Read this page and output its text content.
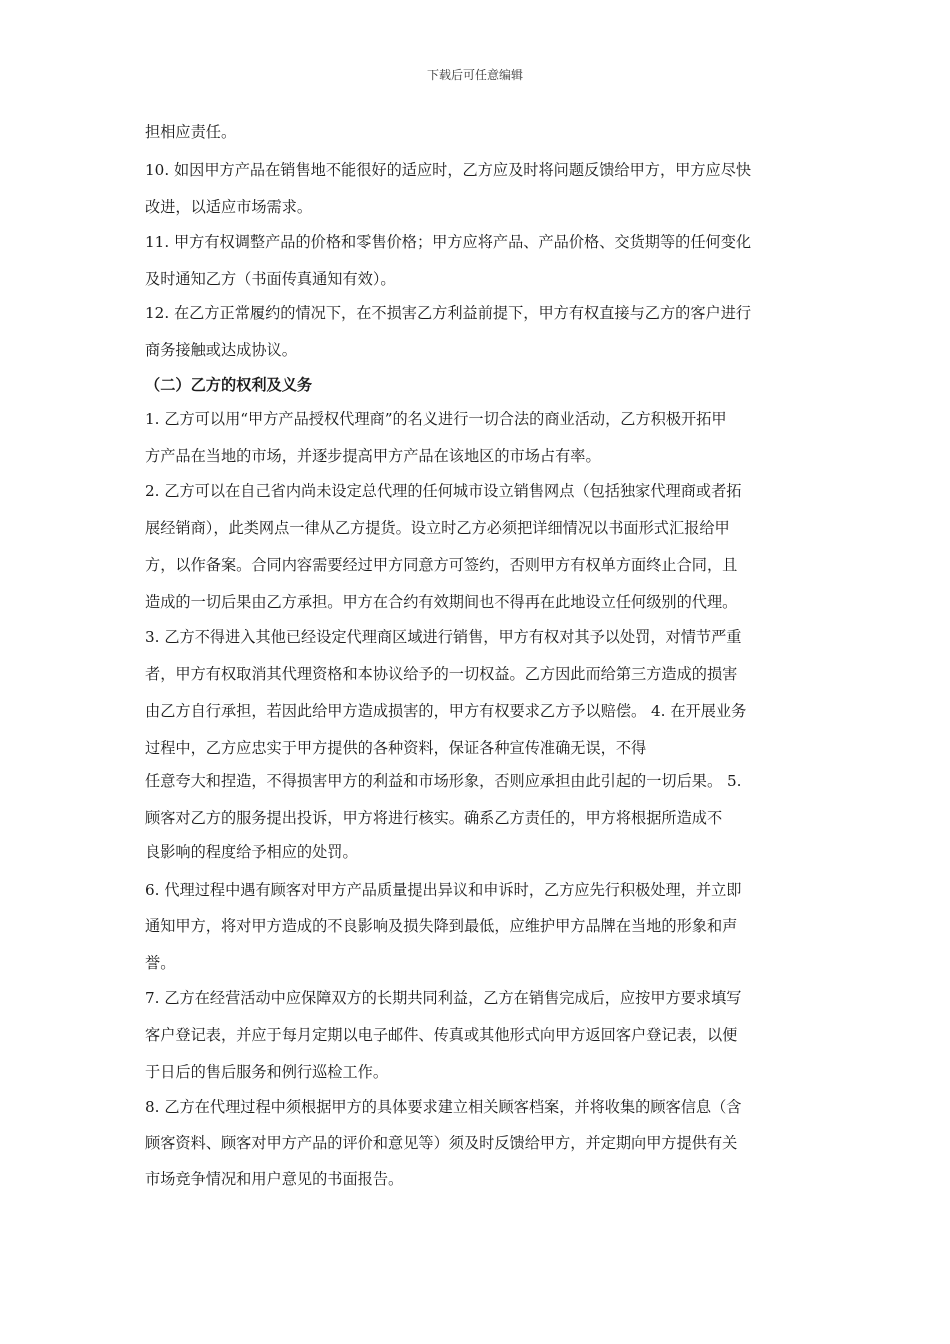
下载后可任意编辑
担相应责任。
10. 如因甲方产品在销售地不能很好的适应时，乙方应及时将问题反馈给甲方，甲方应尽快
改进，以适应市场需求。
11. 甲方有权调整产品的价格和零售价格；甲方应将产品、产品价格、交货期等的任何变化
及时通知乙方（书面传真通知有效）。
12. 在乙方正常履约的情况下，在不损害乙方利益前提下，甲方有权直接与乙方的客户进行
商务接触或达成协议。
（二）乙方的权利及义务
1. 乙方可以用“甲方产品授权代理商”的名义进行一切合法的商业活动，乙方积极开拓甲
方产品在当地的市场，并逐步提高甲方产品在该地区的市场占有率。
2. 乙方可以在自己省内尚未设定总代理的任何城市设立销售网点（包括独家代理商或者拓
展经销商），此类网点一律从乙方提货。设立时乙方必须把详细情况以书面形式汇报给甲
方，以作备案。合同内容需要经过甲方同意方可签约，否则甲方有权单方面终止合同，且
造成的一切后果由乙方承担。甲方在合约有效期间也不得再在此地设立任何级别的代理。
3. 乙方不得进入其他已经设定代理商区域进行销售，甲方有权对其予以处罚，对情节严重
者，甲方有权取消其代理资格和本协议给予的一切权益。乙方因此而给第三方造成的损害
由乙方自行承担，若因此给甲方造成损害的，甲方有权要求乙方予以赔偿。 4. 在开展业务
过程中，乙方应忠实于甲方提供的各种资料，保证各种宣传准确无误，不得
任意夸大和捏造，不得损害甲方的利益和市场形象，否则应承担由此引起的一切后果。 5.
顾客对乙方的服务提出投诉，甲方将进行核实。确系乙方责任的，甲方将根据所造成不
良影响的程度给予相应的处罚。
6. 代理过程中遇有顾客对甲方产品质量提出异议和申诉时，乙方应先行积极处理，并立即
通知甲方，将对甲方造成的不良影响及损失降到最低，应维护甲方品牌在当地的形象和声
誉。
7. 乙方在经营活动中应保障双方的长期共同利益，乙方在销售完成后，应按甲方要求填写
客户登记表，并应于每月定期以电子邮件、传真或其他形式向甲方返回客户登记表，以便
于日后的售后服务和例行巡检工作。
8. 乙方在代理过程中须根据甲方的具体要求建立相关顾客档案，并将收集的顾客信息（含
顾客资料、顾客对甲方产品的评价和意见等）须及时反馈给甲方，并定期向甲方提供有关
市场竞争情况和用户意见的书面报告。
